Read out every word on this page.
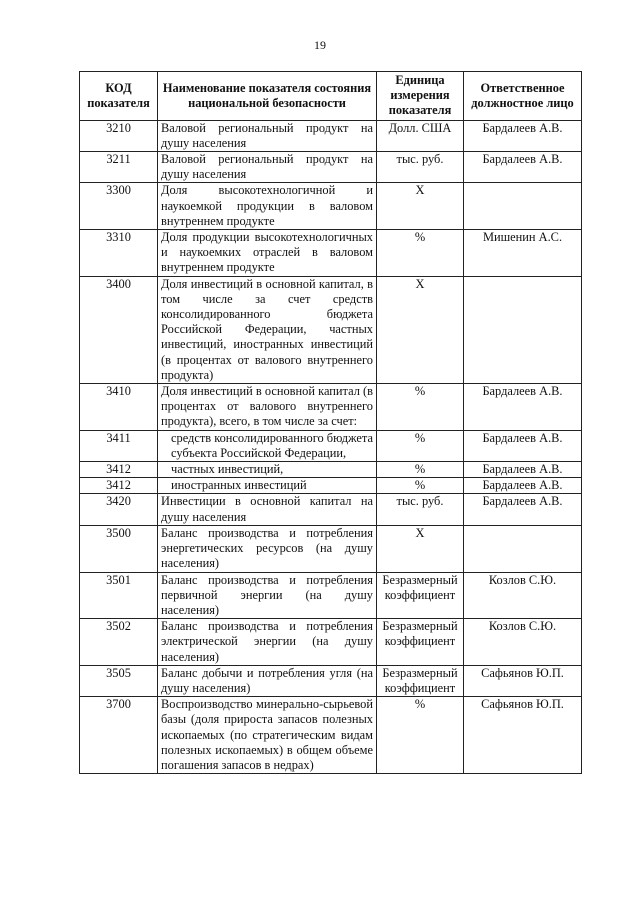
19
КОД показателя	Наименование показателя состояния национальной безопасности	Единица измерения показателя	Ответственное должностное лицо
3210	Валовой региональный продукт на душу населения	Долл. США	Бардалеев А.В.
3211	Валовой региональный продукт на душу населения	тыс. руб.	Бардалеев А.В.
3300	Доля высокотехнологичной и наукоемкой продукции в валовом внутреннем продукте	X	
3310	Доля продукции высокотехнологичных и наукоемких отраслей в валовом внутреннем продукте	%	Мишенин А.С.
3400	Доля инвестиций в основной капитал, в том числе за счет средств консолидированного бюджета Российской Федерации, частных инвестиций, иностранных инвестиций (в процентах от валового внутреннего продукта)	X	
3410	Доля инвестиций в основной капитал (в процентах от валового внутреннего продукта), всего, в том числе за счет:	%	Бардалеев А.В.
3411	средств консолидированного бюджета субъекта Российской Федерации,	%	Бардалеев А.В.
3412	частных инвестиций,	%	Бардалеев А.В.
3412	иностранных инвестиций	%	Бардалеев А.В.
3420	Инвестиции в основной капитал на душу населения	тыс. руб.	Бардалеев А.В.
3500	Баланс производства и потребления энергетических ресурсов (на душу населения)	X	
3501	Баланс производства и потребления первичной энергии (на душу населения)	Безразмерный коэффициент	Козлов С.Ю.
3502	Баланс производства и потребления электрической энергии (на душу населения)	Безразмерный коэффициент	Козлов С.Ю.
3505	Баланс добычи и потребления угля (на душу населения)	Безразмерный коэффициент	Сафьянов Ю.П.
3700	Воспроизводство минерально-сырьевой базы (доля прироста запасов полезных ископаемых (по стратегическим видам полезных ископаемых) в общем объеме погашения запасов в недрах)	%	Сафьянов Ю.П.
